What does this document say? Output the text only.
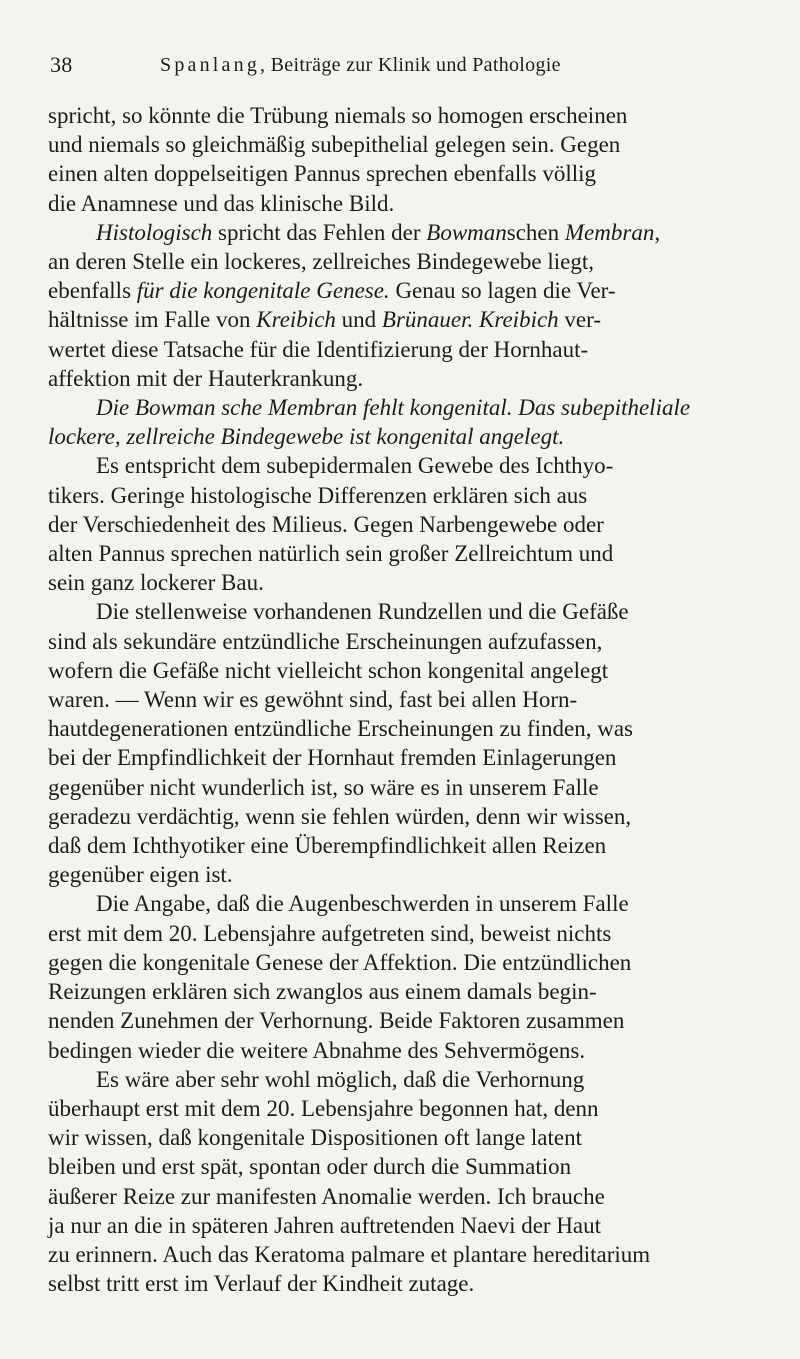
38	Spanlang, Beiträge zur Klinik und Pathologie
spricht, so könnte die Trübung niemals so homogen erscheinen
und niemals so gleichmäßig subepithelial gelegen sein. Gegen
einen alten doppelseitigen Pannus sprechen ebenfalls völlig
die Anamnese und das klinische Bild.
Histologisch spricht das Fehlen der Bowmanschen Membran,
an deren Stelle ein lockeres, zellreiches Bindegewebe liegt,
ebenfalls für die kongenitale Genese. Genau so lagen die Ver-
hältnisse im Falle von Kreibich und Brünauer. Kreibich ver-
wertet diese Tatsache für die Identifizierung der Hornhaut-
affektion mit der Hauterkrankung.
Die Bowman sche Membran fehlt kongenital. Das subepitheliale
lockere, zellreiche Bindegewebe ist kongenital angelegt.
Es entspricht dem subepidermalen Gewebe des Ichthyo-
tikers. Geringe histologische Differenzen erklären sich aus
der Verschiedenheit des Milieus. Gegen Narbengewebe oder
alten Pannus sprechen natürlich sein großer Zellreichtum und
sein ganz lockerer Bau.
Die stellenweise vorhandenen Rundzellen und die Gefäße
sind als sekundäre entzündliche Erscheinungen aufzufassen,
wofern die Gefäße nicht vielleicht schon kongenital angelegt
waren. — Wenn wir es gewöhnt sind, fast bei allen Horn-
hautdegenerationen entzündliche Erscheinungen zu finden, was
bei der Empfindlichkeit der Hornhaut fremden Einlagerungen
gegenüber nicht wunderlich ist, so wäre es in unserem Falle
geradezu verdächtig, wenn sie fehlen würden, denn wir wissen,
daß dem Ichthyotiker eine Überempfindlichkeit allen Reizen
gegenüber eigen ist.
Die Angabe, daß die Augenbeschwerden in unserem Falle
erst mit dem 20. Lebensjahre aufgetreten sind, beweist nichts
gegen die kongenitale Genese der Affektion. Die entzündlichen
Reizungen erklären sich zwanglos aus einem damals begin-
nenden Zunehmen der Verhornung. Beide Faktoren zusammen
bedingen wieder die weitere Abnahme des Sehvermögens.
Es wäre aber sehr wohl möglich, daß die Verhornung
überhaupt erst mit dem 20. Lebensjahre begonnen hat, denn
wir wissen, daß kongenitale Dispositionen oft lange latent
bleiben und erst spät, spontan oder durch die Summation
äußerer Reize zur manifesten Anomalie werden. Ich brauche
ja nur an die in späteren Jahren auftretenden Naevi der Haut
zu erinnern. Auch das Keratoma palmare et plantare hereditarium
selbst tritt erst im Verlauf der Kindheit zutage.
